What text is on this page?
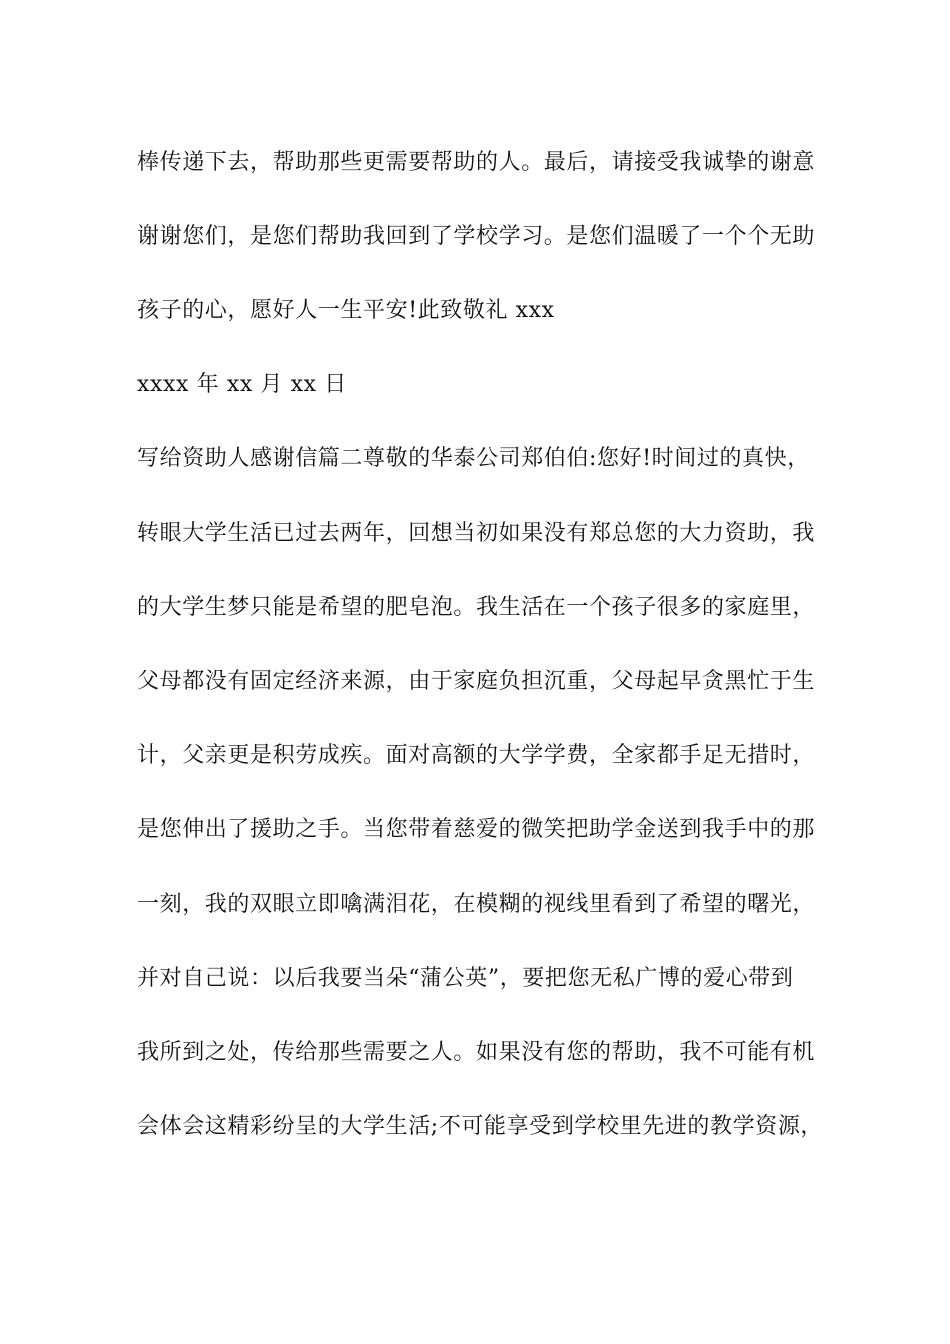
棒传递下去，帮助那些更需要帮助的人。最后，请接受我诚挚的谢意
谢谢您们，是您们帮助我回到了学校学习。是您们温暖了一个个无助
孩子的心，愿好人一生平安!此致敬礼 xxx
xxxx 年 xx 月 xx 日
写给资助人感谢信篇二尊敬的华泰公司郑伯伯:您好!时间过的真快，
转眼大学生活已过去两年，回想当初如果没有郑总您的大力资助，我
的大学生梦只能是希望的肥皂泡。我生活在一个孩子很多的家庭里，
父母都没有固定经济来源，由于家庭负担沉重，父母起早贪黑忙于生
计，父亲更是积劳成疾。面对高额的大学学费，全家都手足无措时，
是您伸出了援助之手。当您带着慈爱的微笑把助学金送到我手中的那
一刻，我的双眼立即噙满泪花，在模糊的视线里看到了希望的曙光，
并对自己说：以后我要当朵“蒲公英”，要把您无私广博的爱心带到
我所到之处，传给那些需要之人。如果没有您的帮助，我不可能有机
会体会这精彩纷呈的大学生活;不可能享受到学校里先进的教学资源，
